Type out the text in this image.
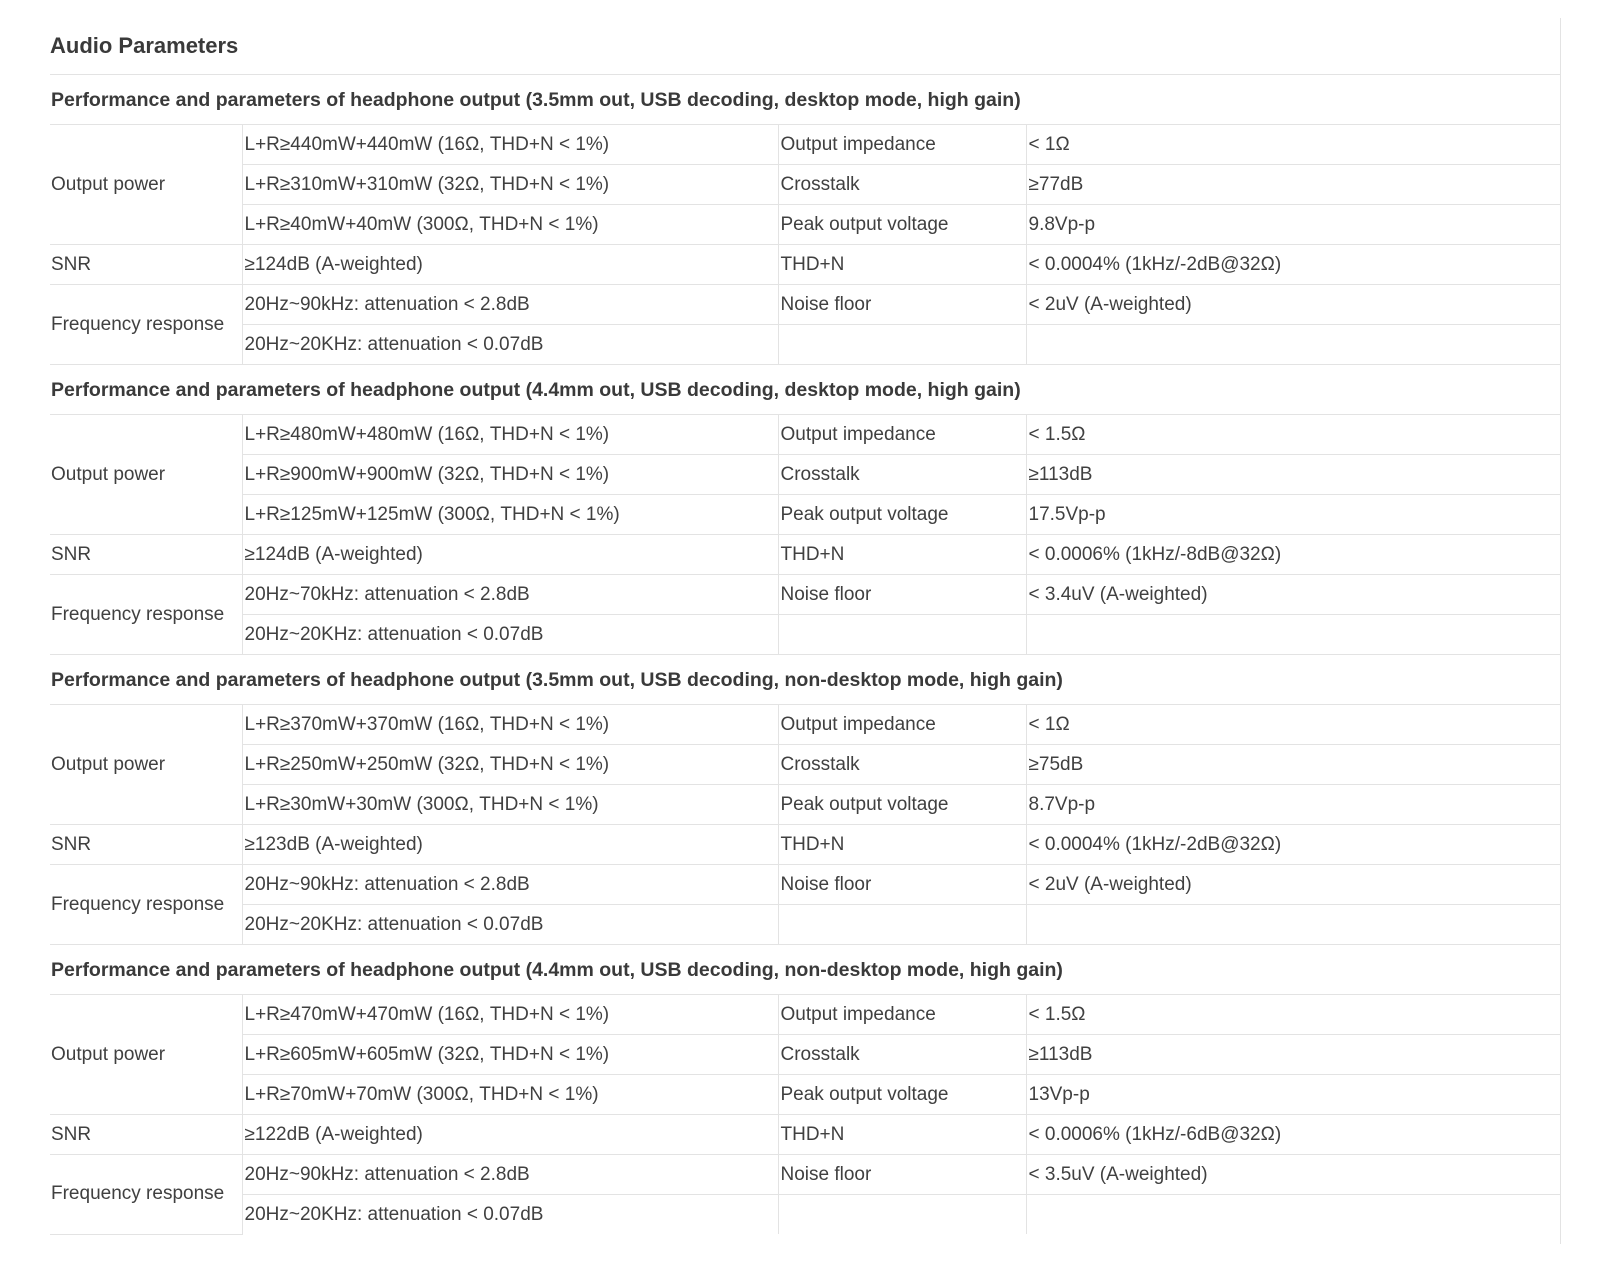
Audio Parameters			
Performance and parameters of headphone output (3.5mm out, USB decoding, desktop mode, high gain)			
Output power	L+R≥440mW+440mW (16Ω, THD+N < 1%)	Output impedance	< 1Ω
	L+R≥310mW+310mW (32Ω, THD+N < 1%)	Crosstalk	≥77dB
	L+R≥40mW+40mW (300Ω, THD+N < 1%)	Peak output voltage	9.8Vp-p
SNR	≥124dB (A-weighted)	THD+N	< 0.0004% (1kHz/-2dB@32Ω)
Frequency response	20Hz~90kHz: attenuation < 2.8dB	Noise floor	< 2uV (A-weighted)
	20Hz~20KHz: attenuation < 0.07dB		
Performance and parameters of headphone output (4.4mm out, USB decoding, desktop mode, high gain)			
Output power	L+R≥480mW+480mW (16Ω, THD+N < 1%)	Output impedance	< 1.5Ω
	L+R≥900mW+900mW (32Ω, THD+N < 1%)	Crosstalk	≥113dB
	L+R≥125mW+125mW (300Ω, THD+N < 1%)	Peak output voltage	17.5Vp-p
SNR	≥124dB (A-weighted)	THD+N	< 0.0006% (1kHz/-8dB@32Ω)
Frequency response	20Hz~70kHz: attenuation < 2.8dB	Noise floor	< 3.4uV (A-weighted)
	20Hz~20KHz: attenuation < 0.07dB		
Performance and parameters of headphone output (3.5mm out, USB decoding, non-desktop mode, high gain)			
Output power	L+R≥370mW+370mW (16Ω, THD+N < 1%)	Output impedance	< 1Ω
	L+R≥250mW+250mW (32Ω, THD+N < 1%)	Crosstalk	≥75dB
	L+R≥30mW+30mW (300Ω, THD+N < 1%)	Peak output voltage	8.7Vp-p
SNR	≥123dB (A-weighted)	THD+N	< 0.0004% (1kHz/-2dB@32Ω)
Frequency response	20Hz~90kHz: attenuation < 2.8dB	Noise floor	< 2uV (A-weighted)
	20Hz~20KHz: attenuation < 0.07dB		
Performance and parameters of headphone output (4.4mm out, USB decoding, non-desktop mode, high gain)			
Output power	L+R≥470mW+470mW (16Ω, THD+N < 1%)	Output impedance	< 1.5Ω
	L+R≥605mW+605mW (32Ω, THD+N < 1%)	Crosstalk	≥113dB
	L+R≥70mW+70mW (300Ω, THD+N < 1%)	Peak output voltage	13Vp-p
SNR	≥122dB (A-weighted)	THD+N	< 0.0006% (1kHz/-6dB@32Ω)
Frequency response	20Hz~90kHz: attenuation < 2.8dB	Noise floor	< 3.5uV (A-weighted)
	20Hz~20KHz: attenuation < 0.07dB		
